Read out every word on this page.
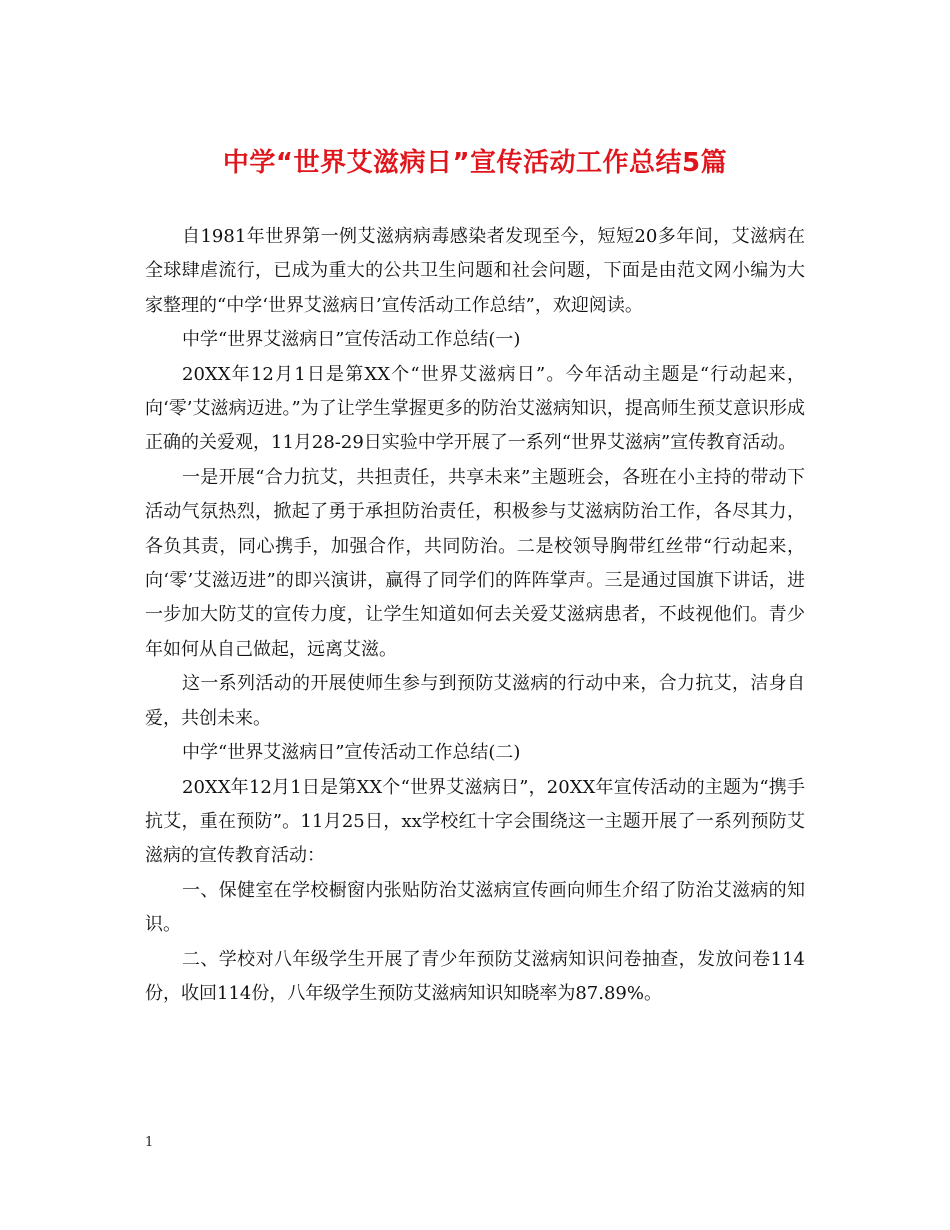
中学“世界艾滋病日”宣传活动工作总结5篇

自1981年世界第一例艾滋病病毒感染者发现至今，短短20多年间，艾滋病在全球肆虐流行，已成为重大的公共卫生问题和社会问题，下面是由范文网小编为大家整理的“中学‘世界艾滋病日’宣传活动工作总结”，欢迎阅读。

中学“世界艾滋病日”宣传活动工作总结(一)

20XX年12月1日是第XX个“世界艾滋病日”。今年活动主题是“行动起来，向‘零’艾滋病迈进。”为了让学生掌握更多的防治艾滋病知识，提高师生预艾意识形成正确的关爱观，11月28-29日实验中学开展了一系列“世界艾滋病”宣传教育活动。

一是开展“合力抗艾，共担责任，共享未来”主题班会，各班在小主持的带动下活动气氛热烈，掀起了勇于承担防治责任，积极参与艾滋病防治工作，各尽其力，各负其责，同心携手，加强合作，共同防治。二是校领导胸带红丝带“行动起来，向‘零’艾滋迈进”的即兴演讲，赢得了同学们的阵阵掌声。三是通过国旗下讲话，进一步加大防艾的宣传力度，让学生知道如何去关爱艾滋病患者，不歧视他们。青少年如何从自己做起，远离艾滋。

这一系列活动的开展使师生参与到预防艾滋病的行动中来，合力抗艾，洁身自爱，共创未来。

中学“世界艾滋病日”宣传活动工作总结(二)

20XX年12月1日是第XX个“世界艾滋病日”，20XX年宣传活动的主题为“携手抗艾，重在预防”。11月25日，xx学校红十字会围绕这一主题开展了一系列预防艾滋病的宣传教育活动：

一、保健室在学校橱窗内张贴防治艾滋病宣传画向师生介绍了防治艾滋病的知识。

二、学校对八年级学生开展了青少年预防艾滋病知识问卷抽查，发放问卷114份，收回114份，八年级学生预防艾滋病知识知晓率为87.89%。

1
